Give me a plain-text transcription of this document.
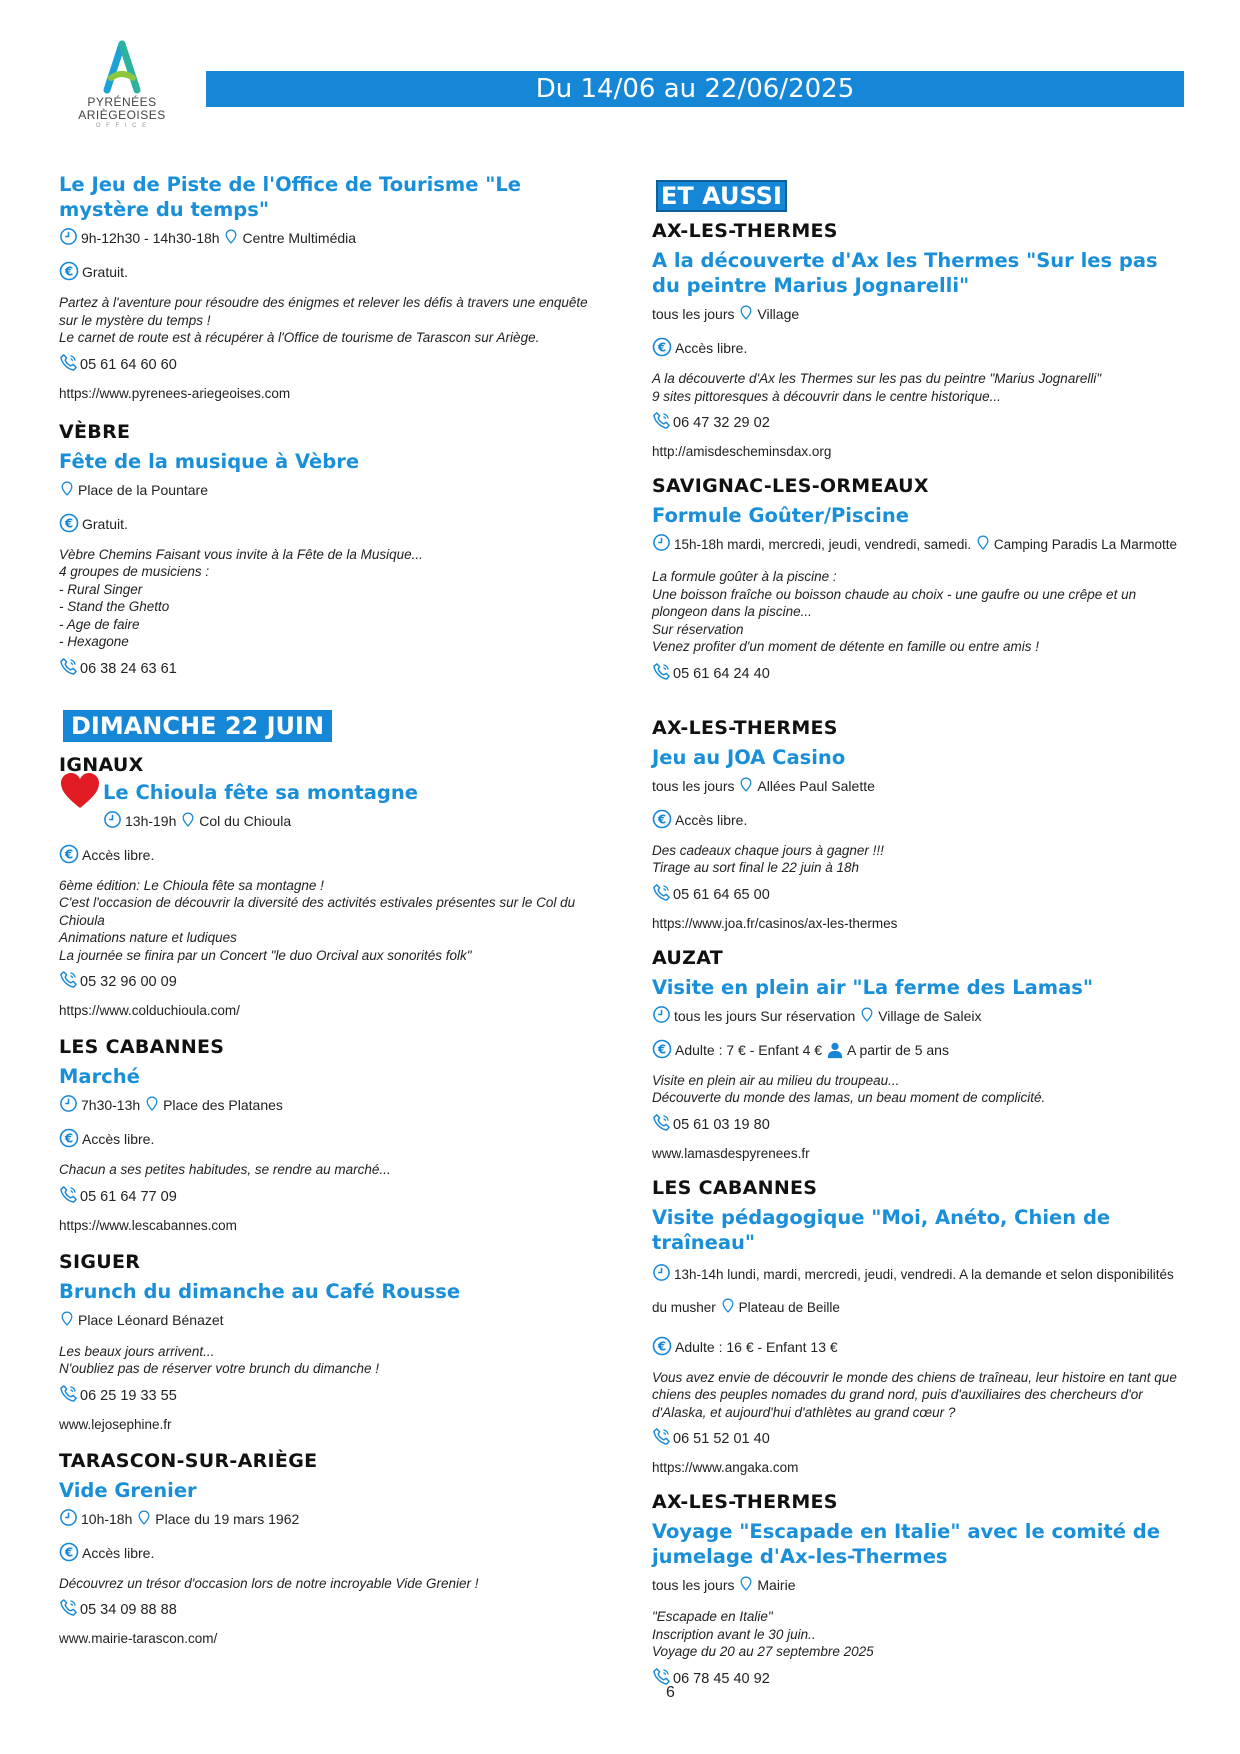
PYRÉNÉES
ARIÈGEOISES
O F F I C E
Du 14/06 au 22/06/2025
Le Jeu de Piste de l'Office de Tourisme "Le mystère du temps"
9h-12h30 - 14h30-18h Centre Multimédia
Gratuit.
Partez à l'aventure pour résoudre des énigmes et relever les défis à travers une enquête sur le mystère du temps !
Le carnet de route est à récupérer à l'Office de tourisme de Tarascon sur Ariège.
05 61 64 60 60
https://www.pyrenees-ariegeoises.com
VÈBRE
Fête de la musique à Vèbre
Place de la Pountare
Gratuit.
Vèbre Chemins Faisant vous invite à la Fête de la Musique...
4 groupes de musiciens :
- Rural Singer
- Stand the Ghetto
- Age de faire
- Hexagone
06 38 24 63 61
DIMANCHE 22 JUIN
IGNAUX
Le Chioula fête sa montagne
13h-19h Col du Chioula
Accès libre.
6ème édition: Le Chioula fête sa montagne !
C'est l'occasion de découvrir la diversité des activités estivales présentes sur le Col du Chioula
Animations nature et ludiques
La journée se finira par un Concert "le duo Orcival aux sonorités folk"
05 32 96 00 09
https://www.colduchioula.com/
LES CABANNES
Marché
7h30-13h Place des Platanes
Accès libre.
Chacun a ses petites habitudes, se rendre au marché...
05 61 64 77 09
https://www.lescabannes.com
SIGUER
Brunch du dimanche au Café Rousse
Place Léonard Bénazet
Les beaux jours arrivent...
N'oubliez pas de réserver votre brunch du dimanche !
06 25 19 33 55
www.lejosephine.fr
TARASCON-SUR-ARIÈGE
Vide Grenier
10h-18h Place du 19 mars 1962
Accès libre.
Découvrez un trésor d'occasion lors de notre incroyable Vide Grenier !
05 34 09 88 88
www.mairie-tarascon.com/
ET AUSSI
AX-LES-THERMES
A la découverte d'Ax les Thermes "Sur les pas du peintre Marius Jognarelli"
tous les jours Village
Accès libre.
A la découverte d'Ax les Thermes sur les pas du peintre "Marius Jognarelli"
9 sites pittoresques à découvrir dans le centre historique...
06 47 32 29 02
http://amisdescheminsdax.org
SAVIGNAC-LES-ORMEAUX
Formule Goûter/Piscine
15h-18h mardi, mercredi, jeudi, vendredi, samedi. Camping Paradis La Marmotte
La formule goûter à la piscine :
Une boisson fraîche ou boisson chaude au choix - une gaufre ou une crêpe et un plongeon dans la piscine...
Sur réservation
Venez profiter d'un moment de détente en famille ou entre amis !
05 61 64 24 40
AX-LES-THERMES
Jeu au JOA Casino
tous les jours Allées Paul Salette
Accès libre.
Des cadeaux chaque jours à gagner !!!
Tirage au sort final le 22 juin à 18h
05 61 64 65 00
https://www.joa.fr/casinos/ax-les-thermes
AUZAT
Visite en plein air "La ferme des Lamas"
tous les jours Sur réservation Village de Saleix
Adulte : 7 € - Enfant 4 € A partir de 5 ans
Visite en plein air au milieu du troupeau...
Découverte du monde des lamas, un beau moment de complicité.
05 61 03 19 80
www.lamasdespyrenees.fr
LES CABANNES
Visite pédagogique "Moi, Anéto, Chien de traîneau"
13h-14h lundi, mardi, mercredi, jeudi, vendredi. A la demande et selon disponibilités du musher Plateau de Beille
Adulte : 16 € - Enfant 13 €
Vous avez envie de découvrir le monde des chiens de traîneau, leur histoire en tant que chiens des peuples nomades du grand nord, puis d'auxiliaires des chercheurs d'or d'Alaska, et aujourd'hui d'athlètes au grand cœur ?
06 51 52 01 40
https://www.angaka.com
AX-LES-THERMES
Voyage "Escapade en Italie" avec le comité de jumelage d'Ax-les-Thermes
tous les jours Mairie
"Escapade en Italie"
Inscription avant le 30 juin..
Voyage du 20 au 27 septembre 2025
06 78 45 40 92
6
